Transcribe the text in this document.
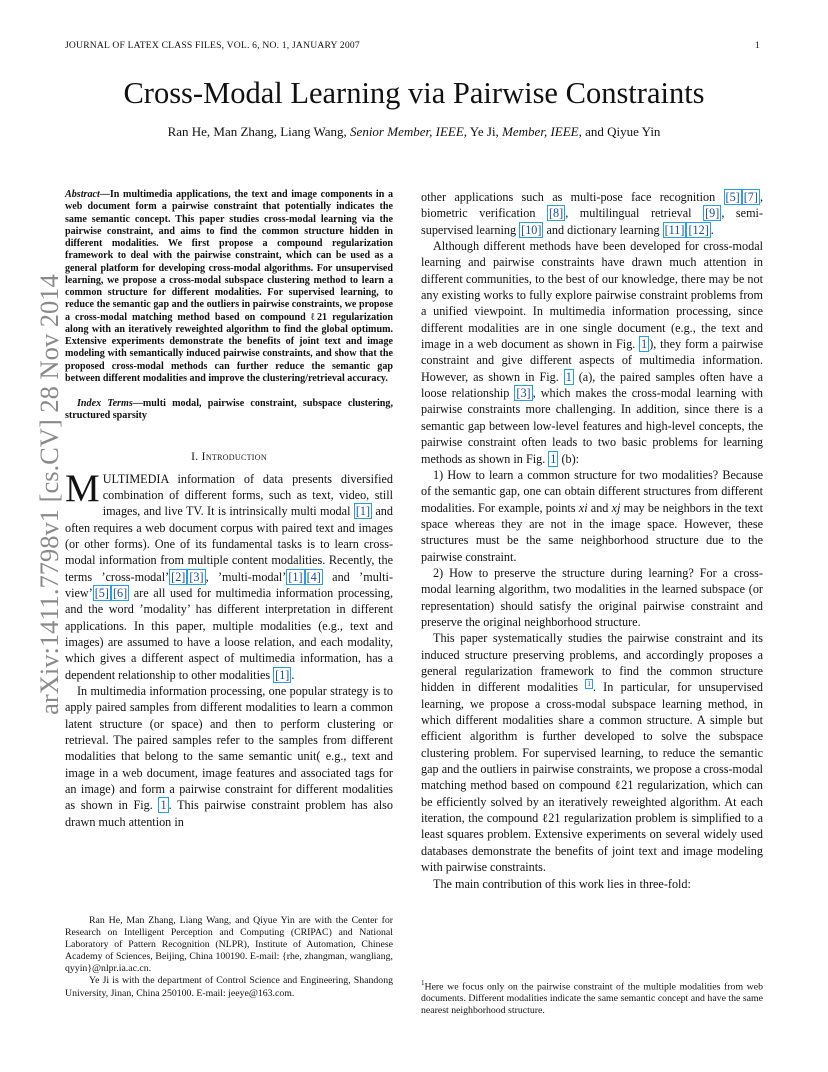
JOURNAL OF LATEX CLASS FILES, VOL. 6, NO. 1, JANUARY 2007	1
Cross-Modal Learning via Pairwise Constraints
Ran He, Man Zhang, Liang Wang, Senior Member, IEEE, Ye Ji, Member, IEEE, and Qiyue Yin
arXiv:1411.7798v1 [cs.CV] 28 Nov 2014

Abstract—In multimedia applications, the text and image components in a web document form a pairwise constraint that potentially indicates the same semantic concept. This paper studies cross-modal learning via the pairwise constraint, and aims to find the common structure hidden in different modalities. We first propose a compound regularization framework to deal with the pairwise constraint, which can be used as a general platform for developing cross-modal algorithms. For unsupervised learning, we propose a cross-modal subspace clustering method to learn a common structure for different modalities. For supervised learning, to reduce the semantic gap and the outliers in pairwise constraints, we propose a cross-modal matching method based on compound ℓ21 regularization along with an iteratively reweighted algorithm to find the global optimum. Extensive experiments demonstrate the benefits of joint text and image modeling with semantically induced pairwise constraints, and show that the proposed cross-modal methods can further reduce the semantic gap between different modalities and improve the clustering/retrieval accuracy.

Index Terms—multi modal, pairwise constraint, subspace clustering, structured sparsity

I. Introduction

MULTIMEDIA information of data presents diversified combination of different forms, such as text, video, still images, and live TV. It is intrinsically multi modal [1] and often requires a web document corpus with paired text and images (or other forms). One of its fundamental tasks is to learn cross-modal information from multiple content modalities. Recently, the terms ’cross-modal’ [2] [3] , ’multi-modal’ [1] [4] and ’multi-view’ [5] [6] are all used for multimedia information processing, and the word ’modality’ has different interpretation in different applications. In this paper, multiple modalities (e.g., text and images) are assumed to have a loose relation, and each modality, which gives a different aspect of multimedia information, has a dependent relationship to other modalities [1] .

In multimedia information processing, one popular strategy is to apply paired samples from different modalities to learn a common latent structure (or space) and then to perform clustering or retrieval. The paired samples refer to the samples from different modalities that belong to the same semantic unit( e.g., text and image in a web document, image features and associated tags for an image) and form a pairwise constraint for different modalities as shown in Fig. 1 . This pairwise constraint problem has also drawn much attention in

Ran He, Man Zhang, Liang Wang, and Qiyue Yin are with the Center for Research on Intelligent Perception and Computing (CRIPAC) and National Laboratory of Pattern Recognition (NLPR), Institute of Automation, Chinese Academy of Sciences, Beijing, China 100190. E-mail: {rhe, zhangman, wangliang, qyyin}@nlpr.ia.ac.cn.

Ye Ji is with the department of Control Science and Engineering, Shandong University, Jinan, China 250100. E-mail: jeeye@163.com.

other applications such as multi-pose face recognition [5] [7] , biometric verification [8] , multilingual retrieval [9] , semi-supervised learning [10] and dictionary learning [11] [12] .

Although different methods have been developed for cross-modal learning and pairwise constraints have drawn much attention in different communities, to the best of our knowledge, there may be not any existing works to fully explore pairwise constraint problems from a unified viewpoint. In multimedia information processing, since different modalities are in one single document (e.g., the text and image in a web document as shown in Fig. 1 ), they form a pairwise constraint and give different aspects of multimedia information. However, as shown in Fig. 1 (a), the paired samples often have a loose relationship [3] , which makes the cross-modal learning with pairwise constraints more challenging. In addition, since there is a semantic gap between low-level features and high-level concepts, the pairwise constraint often leads to two basic problems for learning methods as shown in Fig. 1 (b):

1) How to learn a common structure for two modalities? Because of the semantic gap, one can obtain different structures from different modalities. For example, points xi and xj may be neighbors in the text space whereas they are not in the image space. However, these structures must be the same neighborhood structure due to the pairwise constraint.

2) How to preserve the structure during learning? For a cross-modal learning algorithm, two modalities in the learned subspace (or representation) should satisfy the original pairwise constraint and preserve the original neighborhood structure.

This paper systematically studies the pairwise constraint and its induced structure preserving problems, and accordingly proposes a general regularization framework to find the common structure hidden in different modalities $^1$ . In particular, for unsupervised learning, we propose a cross-modal subspace learning method, in which different modalities share a common structure. A simple but efficient algorithm is further developed to solve the subspace clustering problem. For supervised learning, to reduce the semantic gap and the outliers in pairwise constraints, we propose a cross-modal matching method based on compound ℓ21 regularization, which can be efficiently solved by an iteratively reweighted algorithm. At each iteration, the compound ℓ21 regularization problem is simplified to a least squares problem. Extensive experiments on several widely used databases demonstrate the benefits of joint text and image modeling with pairwise constraints.

The main contribution of this work lies in three-fold:

$^1$Here we focus only on the pairwise constraint of the multiple modalities from web documents. Different modalities indicate the same semantic concept and have the same nearest neighborhood structure.
